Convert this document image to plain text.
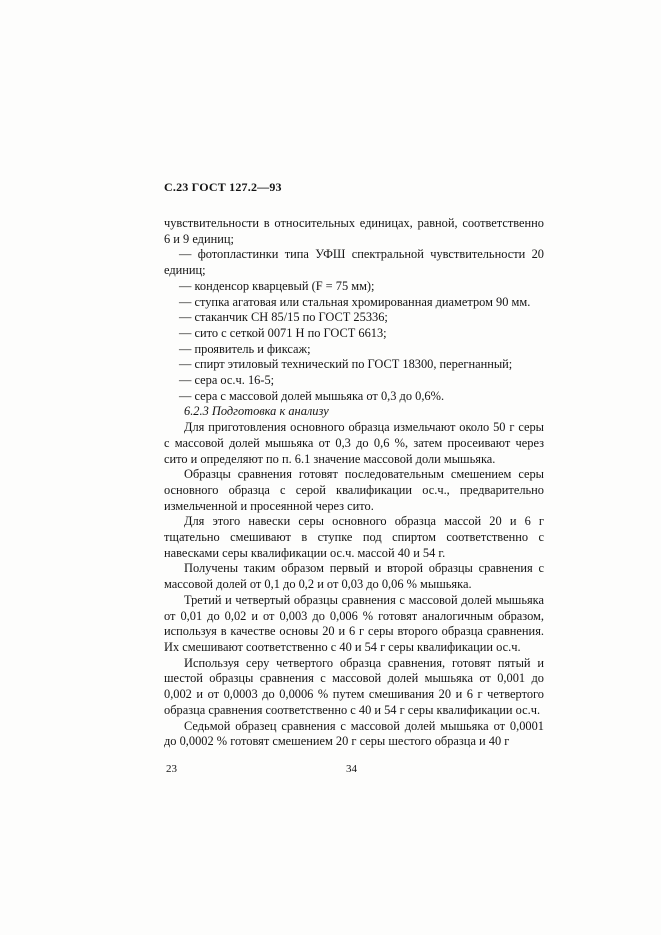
С.23 ГОСТ 127.2—93

чувствительности в относительных единицах, равной, соответственно 6 и 9 единиц;

— фотопластинки типа УФШ спектральной чувствительности 20 единиц;

— конденсор кварцевый (F = 75 мм);

— ступка агатовая или стальная хромированная диаметром 90 мм.

— стаканчик СН 85/15 по ГОСТ 25336;

— сито с сеткой 0071 Н по ГОСТ 6613;

— проявитель и фиксаж;

— спирт этиловый технический по ГОСТ 18300, перегнанный;

— сера ос.ч. 16-5;

— сера с массовой долей мышьяка от 0,3 до 0,6%.

6.2.3 Подготовка к анализу

Для приготовления основного образца измельчают около 50 г серы с массовой долей мышьяка от 0,3 до 0,6 %, затем просеивают через сито и определяют по п. 6.1 значение массовой доли мышьяка.

Образцы сравнения готовят последовательным смешением серы основного образца с серой квалификации ос.ч., предварительно измельченной и просеянной через сито.

Для этого навески серы основного образца массой 20 и 6 г тщательно смешивают в ступке под спиртом соответственно с навесками серы квалификации ос.ч. массой 40 и 54 г.

Получены таким образом первый и второй образцы сравнения с массовой долей от 0,1 до 0,2 и от 0,03 до 0,06 % мышьяка.

Третий и четвертый образцы сравнения с массовой долей мышьяка от 0,01 до 0,02 и от 0,003 до 0,006 % готовят аналогичным образом, используя в качестве основы 20 и 6 г серы второго образца сравнения. Их смешивают соответственно с 40 и 54 г серы квалификации ос.ч.

Используя серу четвертого образца сравнения, готовят пятый и шестой образцы сравнения с массовой долей мышьяка от 0,001 до 0,002 и от 0,0003 до 0,0006 % путем смешивания 20 и 6 г четвертого образца сравнения соответственно с 40 и 54 г серы квалификации ос.ч.

Седьмой образец сравнения с массовой долей мышьяка от 0,0001 до 0,0002 % готовят смешением 20 г серы шестого образца и 40 г

23	34
